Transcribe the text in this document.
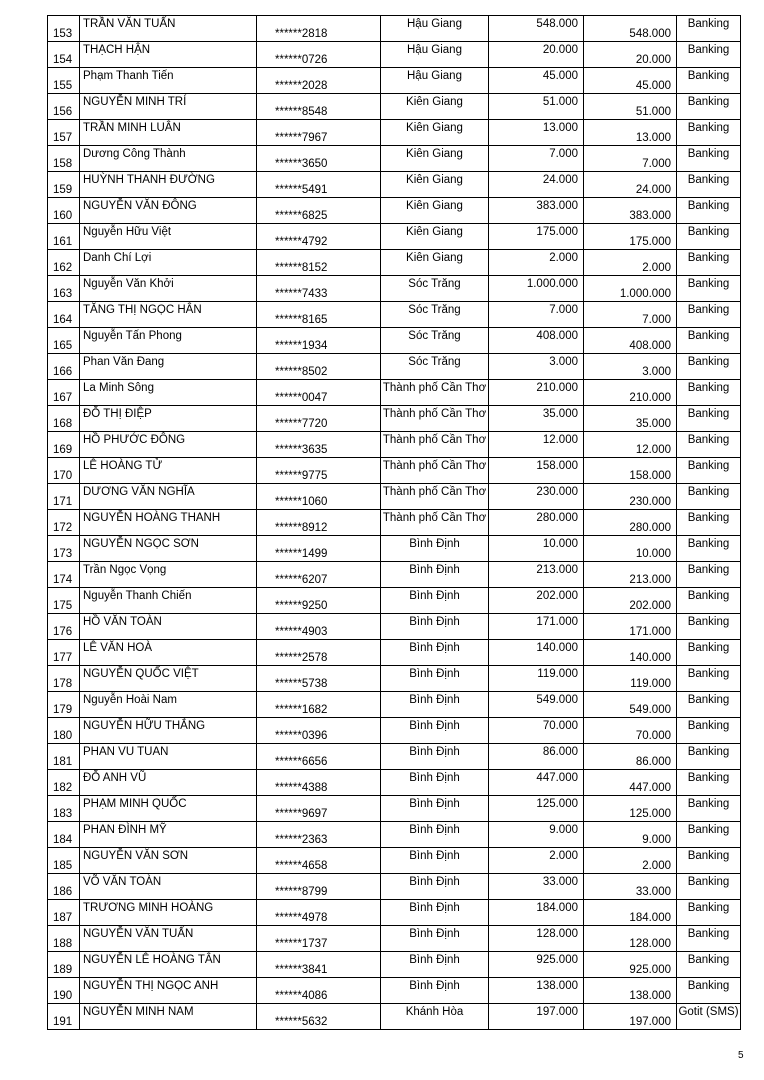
153	TRẦN VĂN TUẤN	******2818	Hậu Giang	548.000	548.000	Banking

154	THẠCH HẬN	******0726	Hậu Giang	20.000	20.000	Banking

155	Phạm Thanh Tiến	******2028	Hậu Giang	45.000	45.000	Banking

156	NGUYỄN MINH TRÍ	******8548	Kiên Giang	51.000	51.000	Banking

157	TRẦN MINH LUÂN	******7967	Kiên Giang	13.000	13.000	Banking

158	Dương Công Thành	******3650	Kiên Giang	7.000	7.000	Banking

159	HUỲNH THANH ĐƯỜNG	******5491	Kiên Giang	24.000	24.000	Banking

160	NGUYỄN VĂN ĐÔNG	******6825	Kiên Giang	383.000	383.000	Banking

161	Nguyễn Hữu Việt	******4792	Kiên Giang	175.000	175.000	Banking

162	Danh Chí Lợi	******8152	Kiên Giang	2.000	2.000	Banking

163	Nguyễn Văn Khởi	******7433	Sóc Trăng	1.000.000	1.000.000	Banking

164	TĂNG THỊ NGỌC HÂN	******8165	Sóc Trăng	7.000	7.000	Banking

165	Nguyễn Tấn Phong	******1934	Sóc Trăng	408.000	408.000	Banking

166	Phan Văn Đang	******8502	Sóc Trăng	3.000	3.000	Banking

167	La Minh Sông	******0047	Thành phố Cần Thơ	210.000	210.000	Banking

168	ĐỖ THỊ ĐIỆP	******7720	Thành phố Cần Thơ	35.000	35.000	Banking

169	HỒ PHƯỚC ĐÔNG	******3635	Thành phố Cần Thơ	12.000	12.000	Banking

170	LÊ HOÀNG TỬ	******9775	Thành phố Cần Thơ	158.000	158.000	Banking

171	DƯƠNG VĂN NGHĨA	******1060	Thành phố Cần Thơ	230.000	230.000	Banking

172	NGUYỄN HOÀNG THANH	******8912	Thành phố Cần Thơ	280.000	280.000	Banking

173	NGUYỄN NGỌC SƠN	******1499	Bình Định	10.000	10.000	Banking

174	Trần Ngọc Vọng	******6207	Bình Định	213.000	213.000	Banking

175	Nguyễn Thanh Chiến	******9250	Bình Định	202.000	202.000	Banking

176	HỒ VĂN TOÀN	******4903	Bình Định	171.000	171.000	Banking

177	LÊ VĂN HOÀ	******2578	Bình Định	140.000	140.000	Banking

178	NGUYỄN QUỐC VIỆT	******5738	Bình Định	119.000	119.000	Banking

179	Nguyễn Hoài Nam	******1682	Bình Định	549.000	549.000	Banking

180	NGUYỄN HỮU THẮNG	******0396	Bình Định	70.000	70.000	Banking

181	PHAN VU TUAN	******6656	Bình Định	86.000	86.000	Banking

182	ĐỖ ANH VŨ	******4388	Bình Định	447.000	447.000	Banking

183	PHẠM MINH QUỐC	******9697	Bình Định	125.000	125.000	Banking

184	PHAN ĐÌNH MỸ	******2363	Bình Định	9.000	9.000	Banking

185	NGUYỄN VĂN SƠN	******4658	Bình Định	2.000	2.000	Banking

186	VÕ VĂN TOÀN	******8799	Bình Định	33.000	33.000	Banking

187	TRƯƠNG MINH HOÀNG	******4978	Bình Định	184.000	184.000	Banking

188	NGUYỄN VĂN TUẤN	******1737	Bình Định	128.000	128.000	Banking

189	NGUYỄN LÊ HOÀNG TÂN	******3841	Bình Định	925.000	925.000	Banking

190	NGUYỄN THỊ NGỌC ANH	******4086	Bình Định	138.000	138.000	Banking

191	NGUYỄN MINH NAM	******5632	Khánh Hòa	197.000	197.000	Gotit (SMS)
5
